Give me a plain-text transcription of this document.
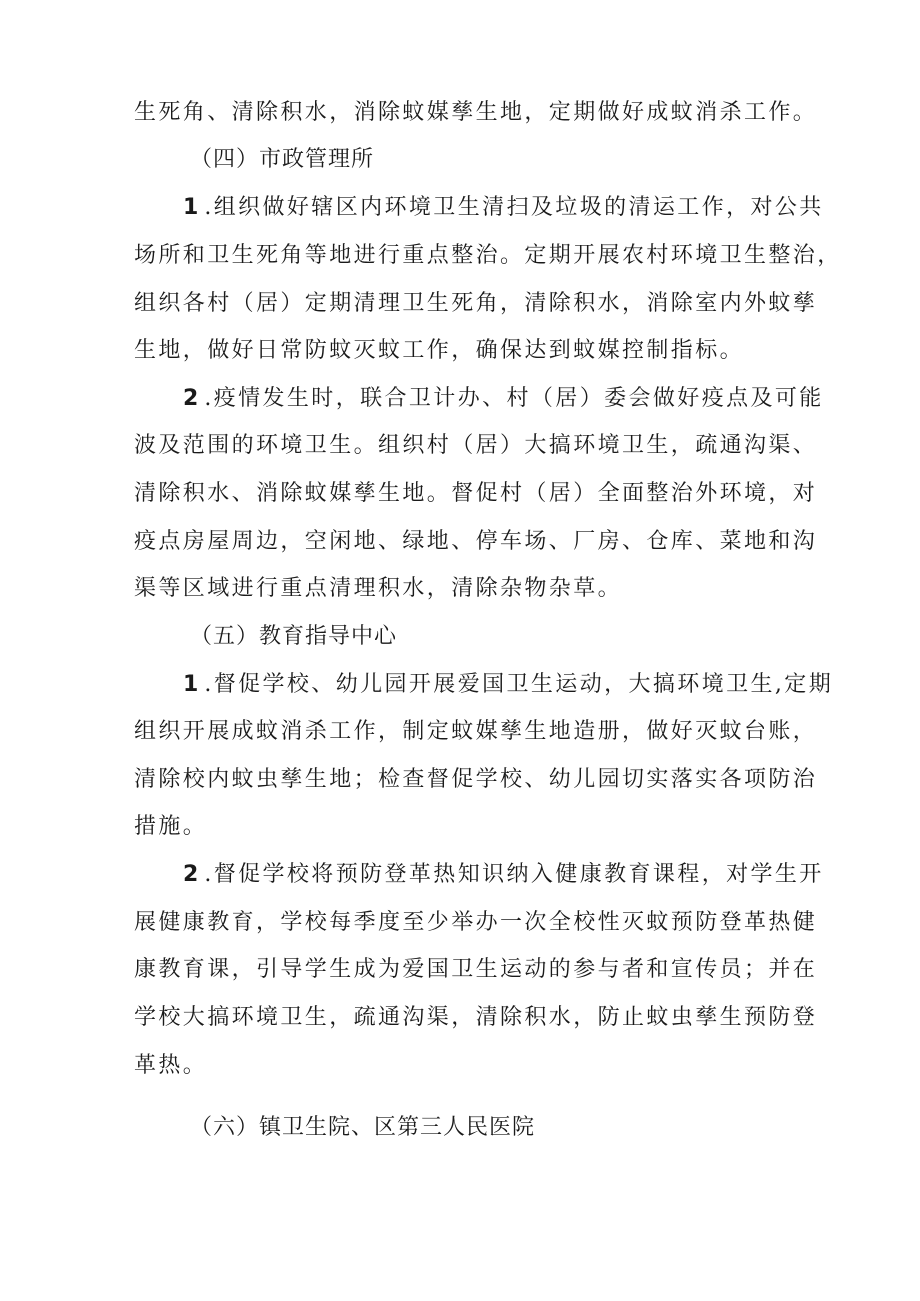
生死角、清除积水，消除蚊媒孳生地，定期做好成蚊消杀工作。
（四）市政管理所
1 .组织做好辖区内环境卫生清扫及垃圾的清运工作，对公共
场所和卫生死角等地进行重点整治。定期开展农村环境卫生整治，
组织各村（居）定期清理卫生死角，清除积水，消除室内外蚊孳
生地，做好日常防蚊灭蚊工作，确保达到蚊媒控制指标。
2 .疫情发生时，联合卫计办、村（居）委会做好疫点及可能
波及范围的环境卫生。组织村（居）大搞环境卫生，疏通沟渠、
清除积水、消除蚊媒孳生地。督促村（居）全面整治外环境，对
疫点房屋周边，空闲地、绿地、停车场、厂房、仓库、菜地和沟
渠等区域进行重点清理积水，清除杂物杂草。
（五）教育指导中心
1 .督促学校、幼儿园开展爱国卫生运动，大搞环境卫生,定期
组织开展成蚊消杀工作，制定蚊媒孳生地造册，做好灭蚊台账，
清除校内蚊虫孳生地；检查督促学校、幼儿园切实落实各项防治
措施。
2 .督促学校将预防登革热知识纳入健康教育课程，对学生开
展健康教育，学校每季度至少举办一次全校性灭蚊预防登革热健
康教育课，引导学生成为爱国卫生运动的参与者和宣传员；并在
学校大搞环境卫生，疏通沟渠，清除积水，防止蚊虫孳生预防登
革热。
（六）镇卫生院、区第三人民医院
